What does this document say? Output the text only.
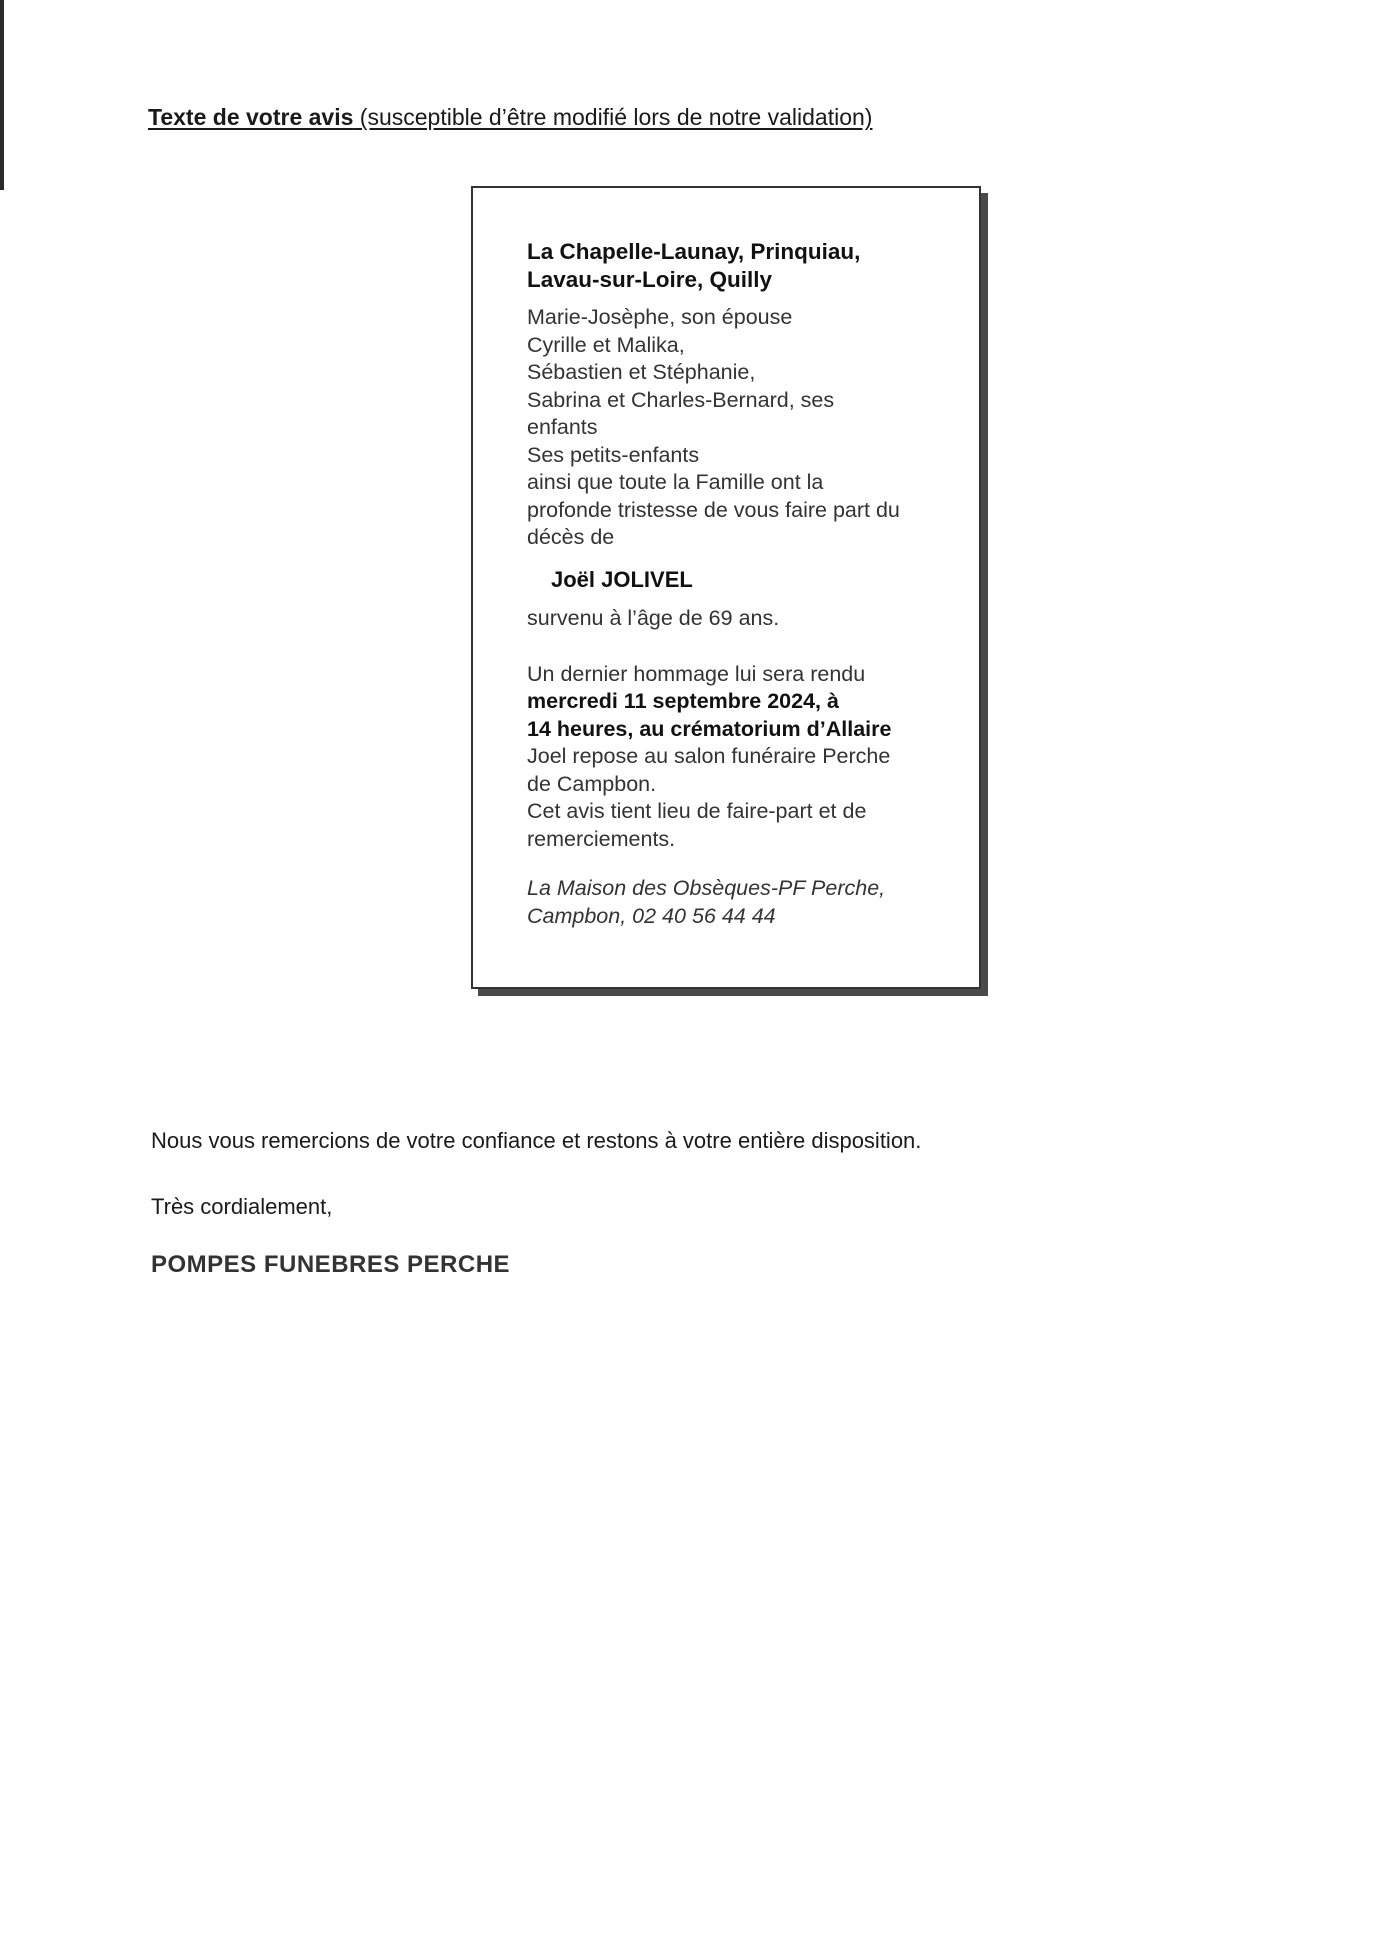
Texte de votre avis (susceptible d’être modifié lors de notre validation)

La Chapelle-Launay, Prinquiau,
Lavau-sur-Loire, Quilly

Marie-Josèphe, son épouse
Cyrille et Malika,
Sébastien et Stéphanie,
Sabrina et Charles-Bernard, ses
enfants
Ses petits-enfants
ainsi que toute la Famille ont la
profonde tristesse de vous faire part du
décès de

Joël JOLIVEL

survenu à l’âge de 69 ans.

Un dernier hommage lui sera rendu
mercredi 11 septembre 2024, à
14 heures, au crématorium d’Allaire
Joel repose au salon funéraire Perche
de Campbon.
Cet avis tient lieu de faire-part et de
remerciements.

La Maison des Obsèques-PF Perche,
Campbon, 02 40 56 44 44

Nous vous remercions de votre confiance et restons à votre entière disposition.
Très cordialement,
POMPES FUNEBRES PERCHE
